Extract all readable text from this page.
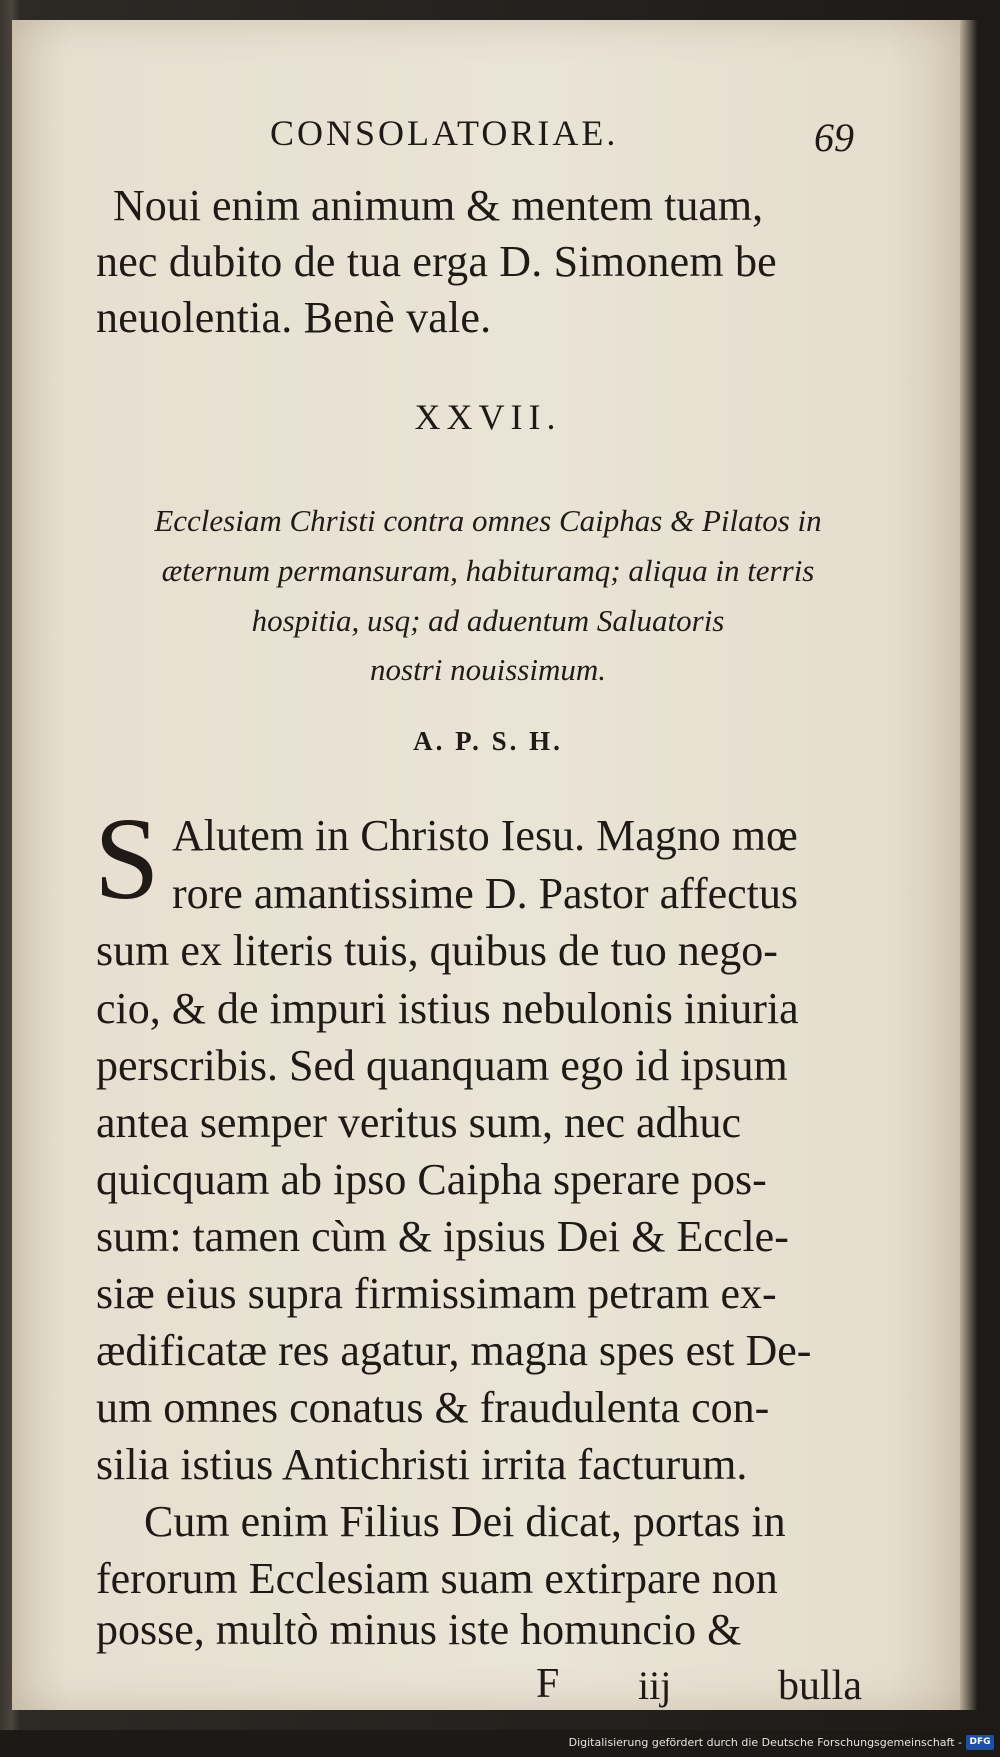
CONSOLATORIAE.	69
Noui enim animum & mentem tuam,
nec dubito de tua erga D. Simonem be
neuolentia. Benè vale.
XXVII.
Ecclesiam Christi contra omnes Caiphas & Pilatos in
æternum permansuram, habituramq; aliqua in terris
hospitia, usq; ad aduentum Saluatoris
nostri nouissimum.
A. P. S. H.
S Alutem in Christo Iesu. Magno mœ
rore amantissime D. Pastor affectus
sum ex literis tuis, quibus de tuo nego-
cio, & de impuri istius nebulonis iniuria
perscribis. Sed quanquam ego id ipsum
antea semper veritus sum, nec adhuc
quicquam ab ipso Caipha sperare pos-
sum: tamen cùm & ipsius Dei & Eccle-
siæ eius supra firmissimam petram ex-
ædificatæ res agatur, magna spes est De-
um omnes conatus & fraudulenta con-
silia istius Antichristi irrita facturum.
Cum enim Filius Dei dicat, portas in
ferorum Ecclesiam suam extirpare non
F iij	bulla
posse, multò minus iste homuncio &
Digitalisierung gefördert durch die Deutsche Forschungsgemeinschaft - DFG
